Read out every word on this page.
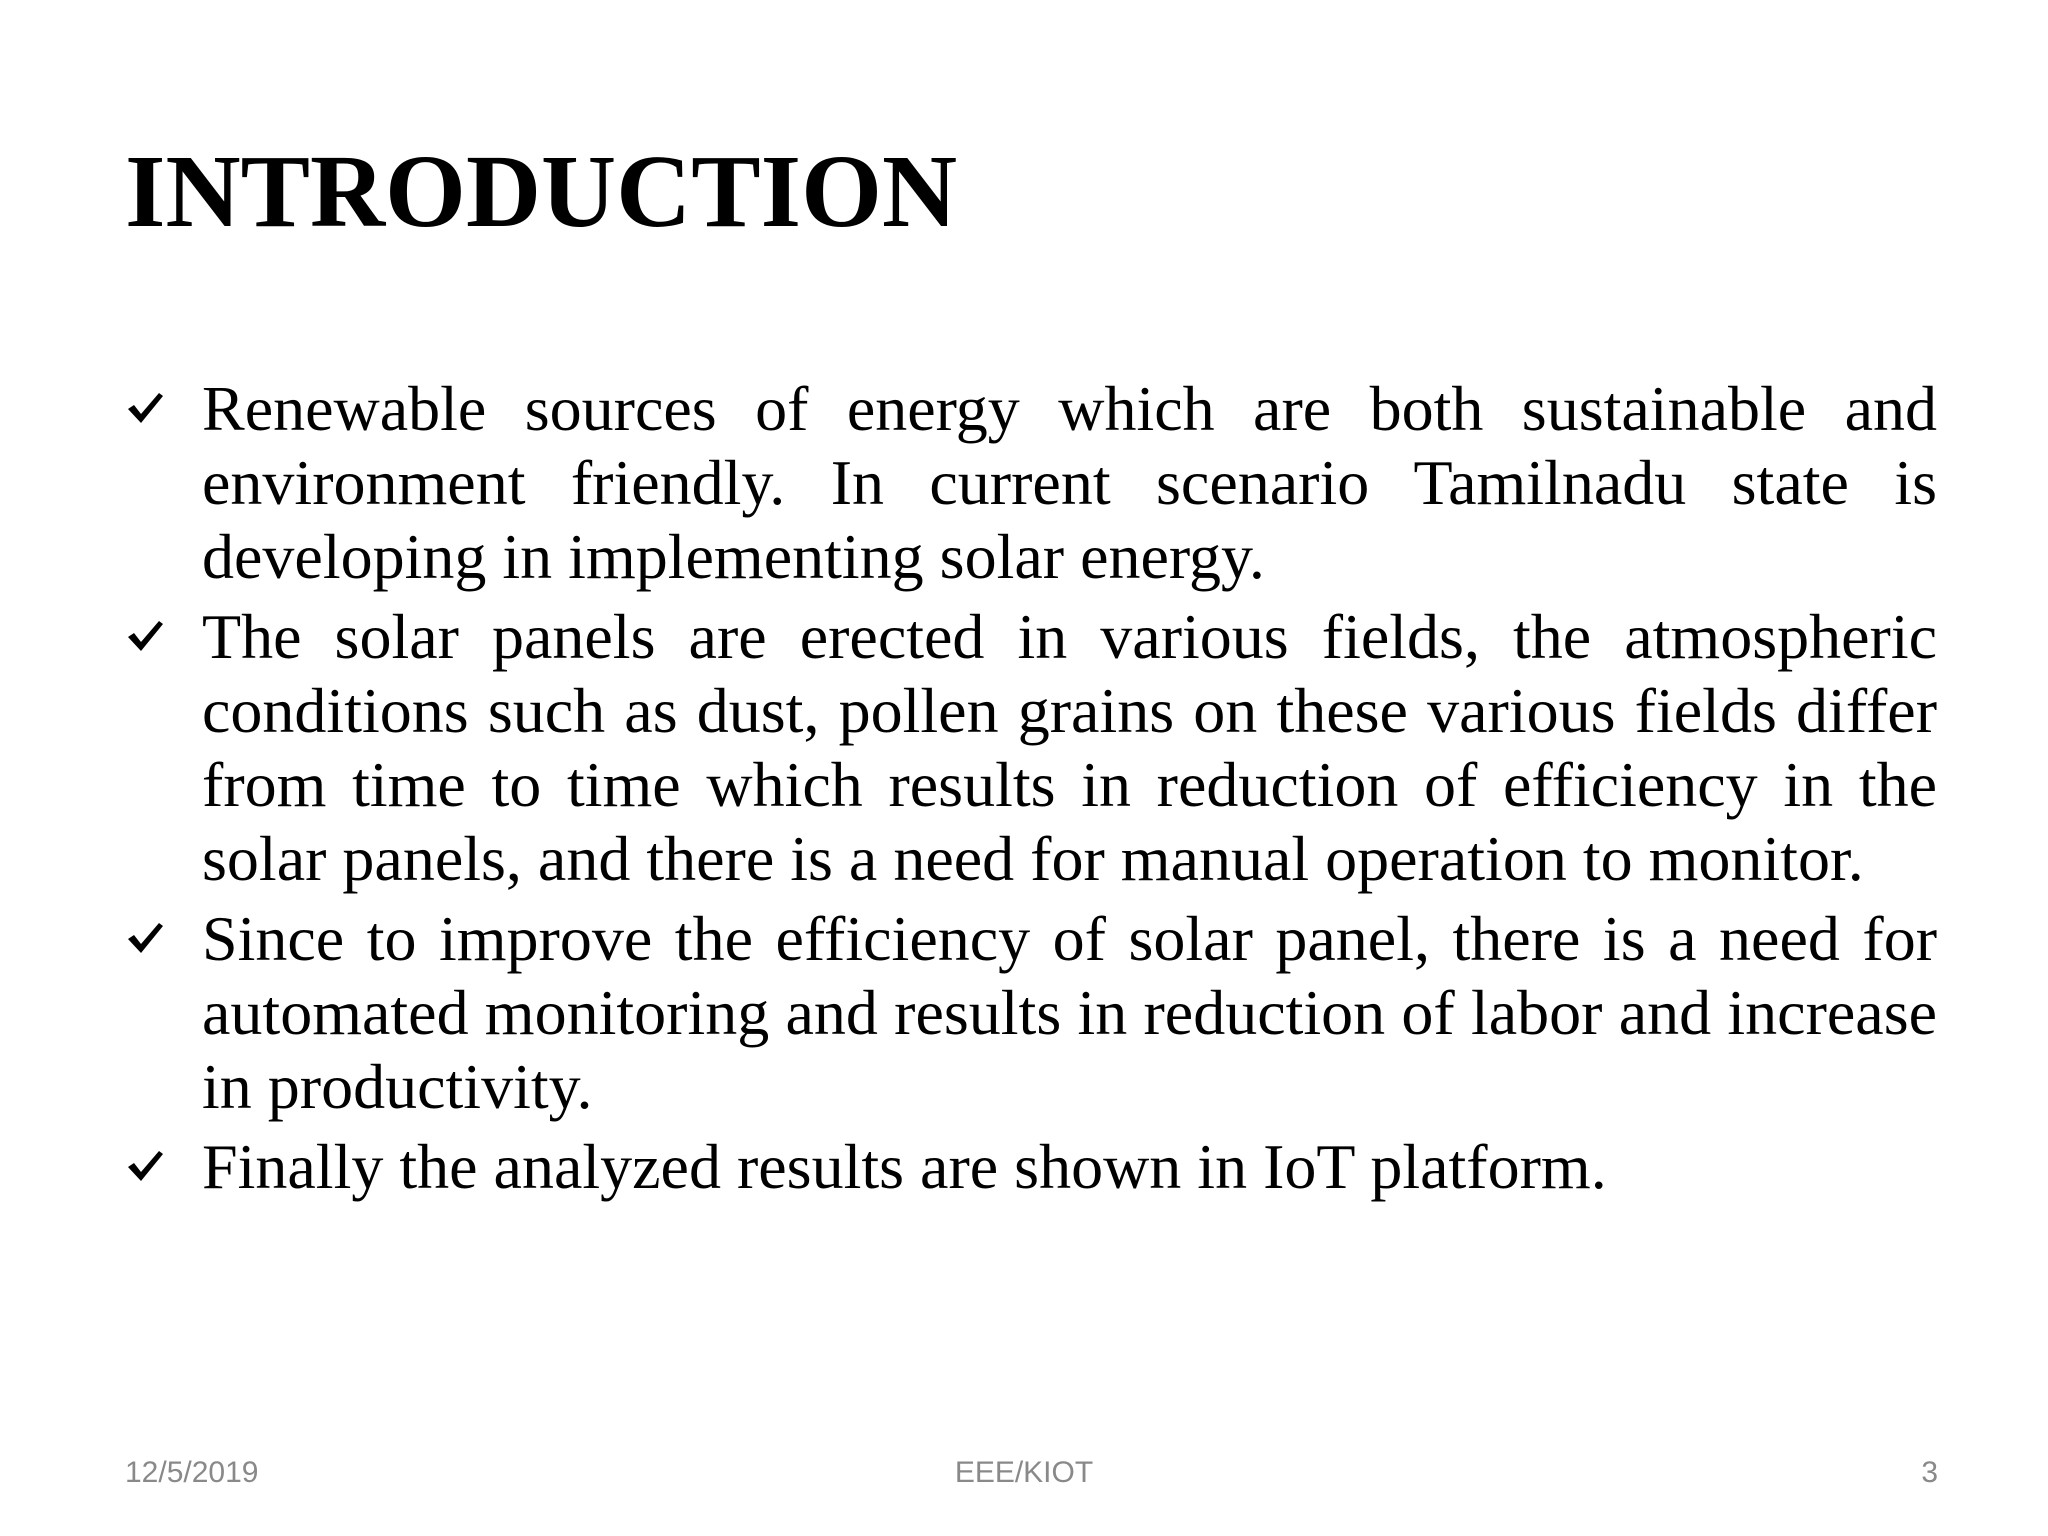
INTRODUCTION
Renewable sources of energy which are both sustainable and environment friendly. In current scenario Tamilnadu state is developing in implementing solar energy.
The solar panels are erected in various fields, the atmospheric conditions such as dust, pollen grains on these various fields differ from time to time which results in reduction of efficiency in the solar panels, and there is a need for manual operation to monitor.
Since to improve the efficiency of solar panel, there is a need for automated monitoring and results in reduction of labor and increase in productivity.
Finally the analyzed results are shown in IoT platform.
12/5/2019	EEE/KIOT	3
